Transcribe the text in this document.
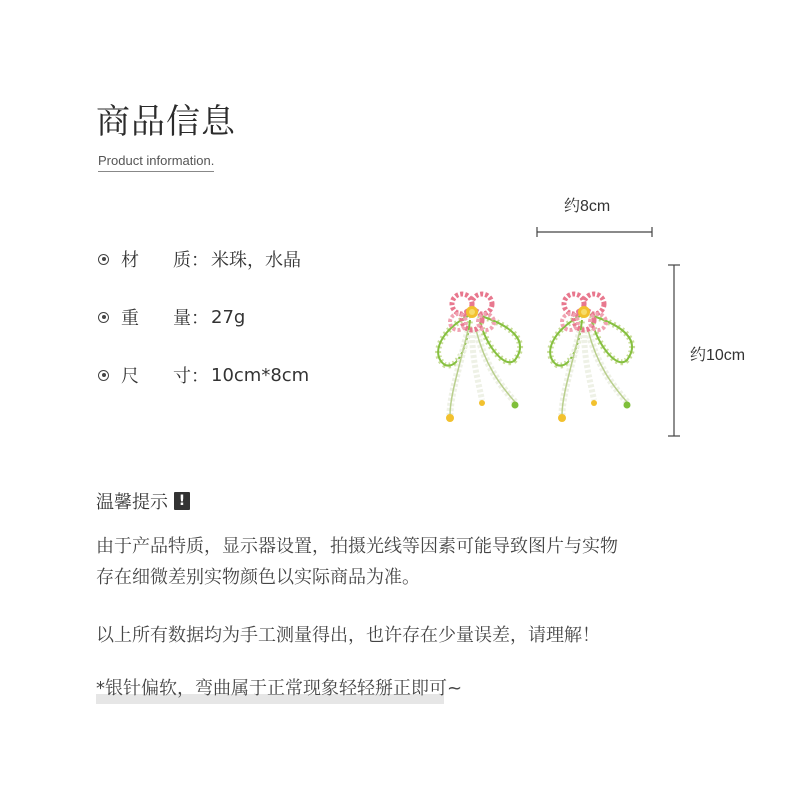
商品信息
Product information.
材 质 ： 米珠，水晶
重 量 ： 27g
尺 寸 ： 10cm*8cm
约8cm
约10cm
温馨提示 !
由于产品特质，显示器设置，拍摄光线等因素可能导致图片与实物
存在细微差别实物颜色以实际商品为准。
以上所有数据均为手工测量得出，也许存在少量误差，请理解！
*银针偏软，弯曲属于正常现象轻轻掰正即可~
